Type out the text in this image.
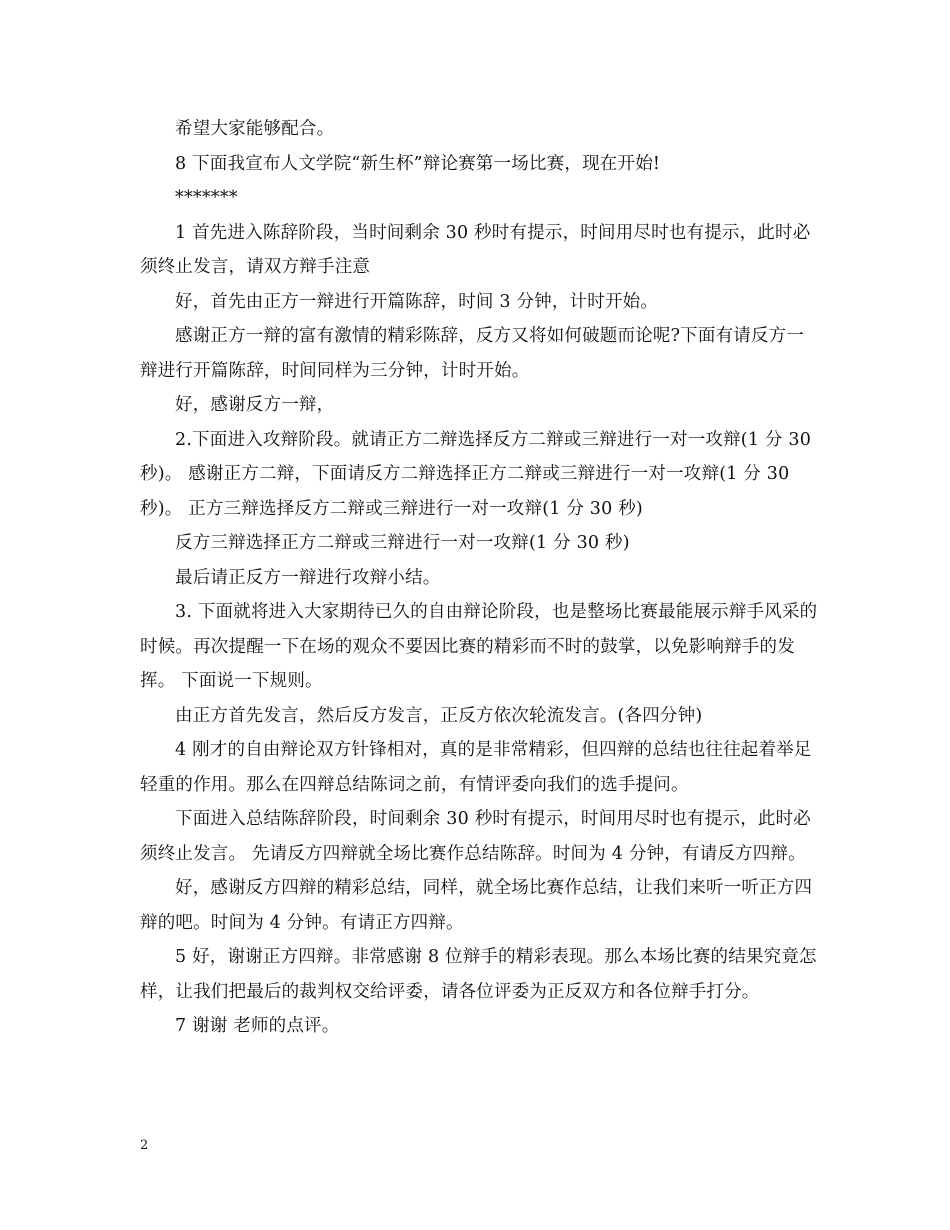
希望大家能够配合。

8 下面我宣布人文学院“新生杯”辩论赛第一场比赛，现在开始!

*******

1 首先进入陈辞阶段，当时间剩余 30 秒时有提示，时间用尽时也有提示，此时必须终止发言，请双方辩手注意

好，首先由正方一辩进行开篇陈辞，时间 3 分钟，计时开始。

感谢正方一辩的富有激情的精彩陈辞，反方又将如何破题而论呢?下面有请反方一辩进行开篇陈辞，时间同样为三分钟，计时开始。

好，感谢反方一辩，

2.下面进入攻辩阶段。就请正方二辩选择反方二辩或三辩进行一对一攻辩(1 分 30 秒)。 感谢正方二辩，下面请反方二辩选择正方二辩或三辩进行一对一攻辩(1 分 30 秒)。 正方三辩选择反方二辩或三辩进行一对一攻辩(1 分 30 秒)

反方三辩选择正方二辩或三辩进行一对一攻辩(1 分 30 秒)

最后请正反方一辩进行攻辩小结。

3. 下面就将进入大家期待已久的自由辩论阶段，也是整场比赛最能展示辩手风采的时候。再次提醒一下在场的观众不要因比赛的精彩而不时的鼓掌，以免影响辩手的发挥。 下面说一下规则。

由正方首先发言，然后反方发言，正反方依次轮流发言。(各四分钟)

4 刚才的自由辩论双方针锋相对，真的是非常精彩，但四辩的总结也往往起着举足轻重的作用。那么在四辩总结陈词之前，有情评委向我们的选手提问。

下面进入总结陈辞阶段，时间剩余 30 秒时有提示，时间用尽时也有提示，此时必须终止发言。 先请反方四辩就全场比赛作总结陈辞。时间为 4 分钟，有请反方四辩。

好，感谢反方四辩的精彩总结，同样，就全场比赛作总结，让我们来听一听正方四辩的吧。时间为 4 分钟。有请正方四辩。

5 好，谢谢正方四辩。非常感谢 8 位辩手的精彩表现。那么本场比赛的结果究竟怎样，让我们把最后的裁判权交给评委，请各位评委为正反双方和各位辩手打分。

7 谢谢 老师的点评。

2
